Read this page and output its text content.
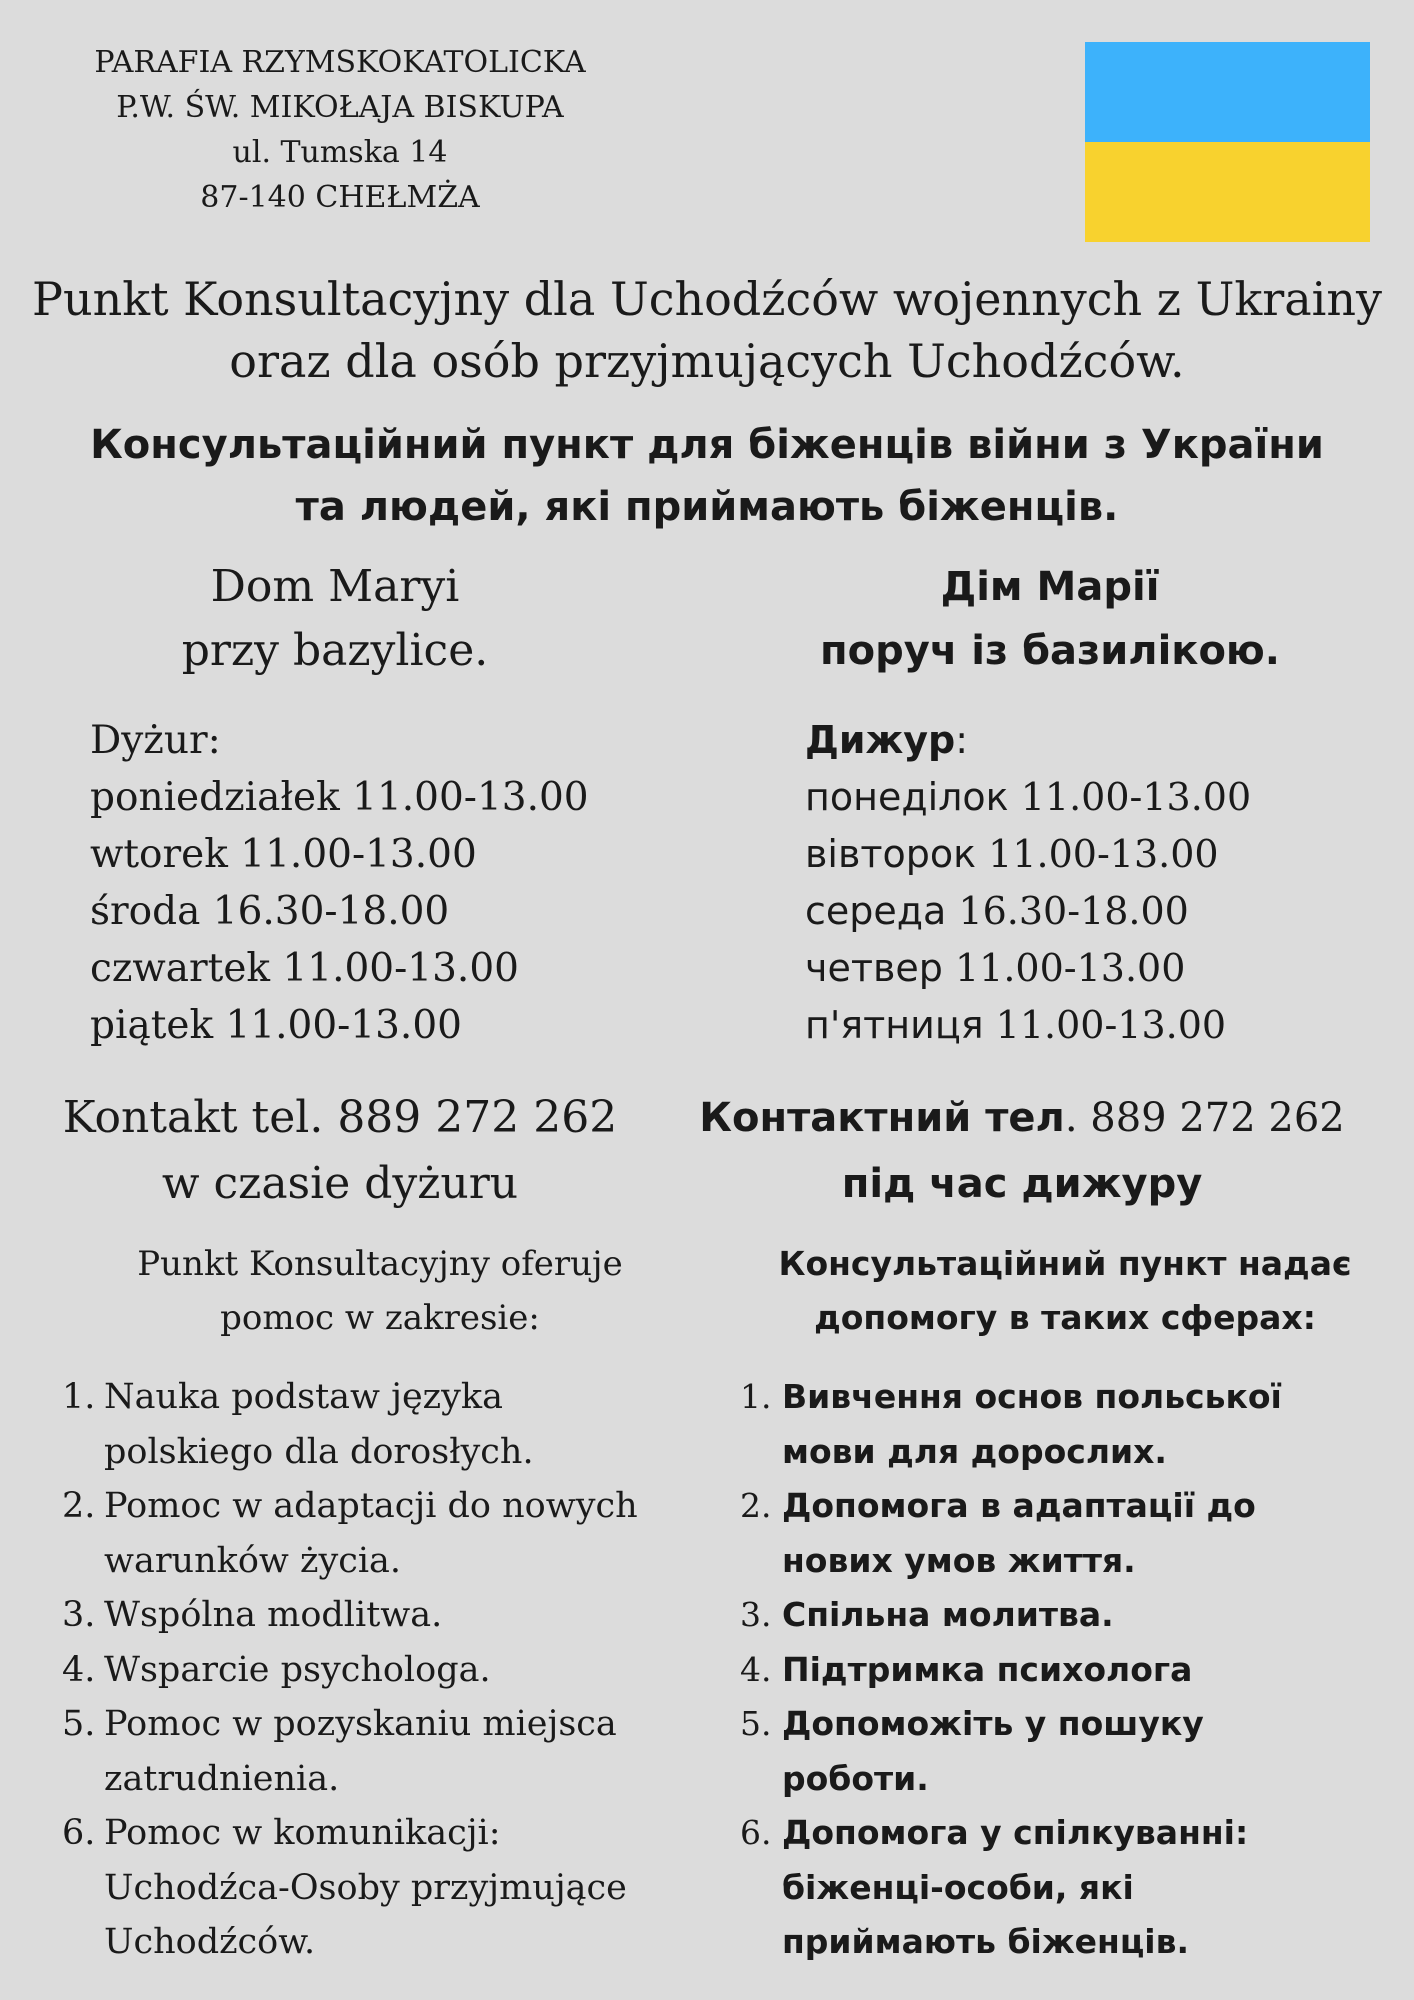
PARAFIA RZYMSKOKATOLICKA
P.W. ŚW. MIKOŁAJA BISKUPA
ul. Tumska 14
87-140 CHEŁMŻA
Punkt Konsultacyjny dla Uchodźców wojennych z Ukrainy
oraz dla osób przyjmujących Uchodźców.
Консультаційний пункт для біженців війни з України
та людей, які приймають біженців.
Dom Maryi
przy bazylice.
Дім Марії
поруч із базилікою.
Dyżur:
poniedziałek 11.00-13.00
wtorek 11.00-13.00
środa 16.30-18.00
czwartek 11.00-13.00
piątek 11.00-13.00
Дижур:
понеділок 11.00-13.00
вівторок 11.00-13.00
середа 16.30-18.00
четвер 11.00-13.00
п'ятниця 11.00-13.00
Kontakt tel. 889 272 262
w czasie dyżuru
Контактний тел. 889 272 262
під час дижуру
Punkt Konsultacyjny oferuje
pomoc w zakresie:
Консультаційний пункт надає
допомогу в таких сферах:
1. Nauka podstaw języka
polskiego dla dorosłych.
2. Pomoc w adaptacji do nowych
warunków życia.
3. Wspólna modlitwa.
4. Wsparcie psychologa.
5. Pomoc w pozyskaniu miejsca
zatrudnienia.
6. Pomoc w komunikacji:
Uchodźca-Osoby przyjmujące
Uchodźców.
1. Вивчення основ польської
мови для дорослих.
2. Допомога в адаптації до
нових умов життя.
3. Спільна молитва.
4. Підтримка психолога
5. Допоможіть у пошуку
роботи.
6. Допомога у спілкуванні:
біженці-особи, які
приймають біженців.
